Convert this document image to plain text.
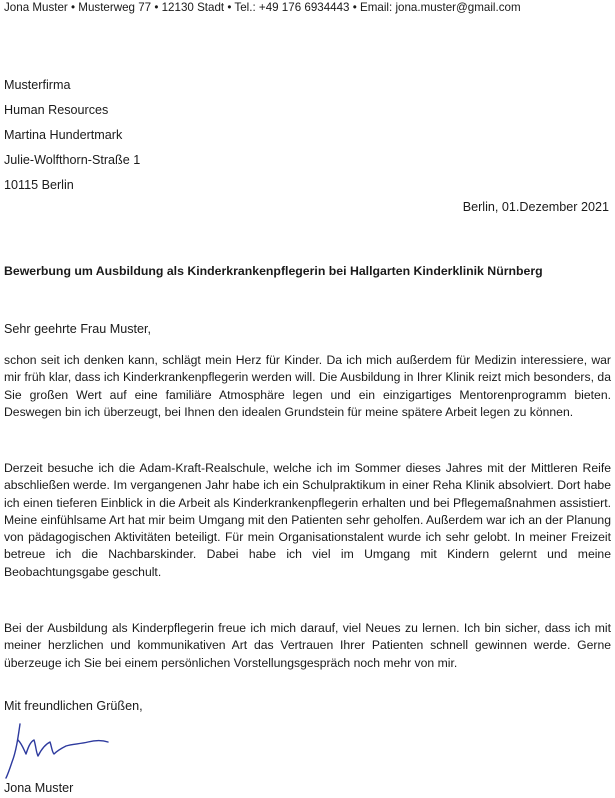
Jona Muster • Musterweg 77 • 12130 Stadt • Tel.: +49 176 6934443 • Email: jona.muster@gmail.com
Musterfirma
Human Resources
Martina Hundertmark
Julie-Wolfthorn-Straße 1
10115 Berlin
Berlin, 01.Dezember 2021
Bewerbung um Ausbildung als Kinderkrankenpflegerin bei Hallgarten Kinderklinik Nürnberg
Sehr geehrte Frau Muster,
schon seit ich denken kann, schlägt mein Herz für Kinder. Da ich mich außerdem für Medizin interessiere, war mir früh klar, dass ich Kinderkrankenpflegerin werden will. Die Ausbildung in Ihrer Klinik reizt mich besonders, da Sie großen Wert auf eine familiäre Atmosphäre legen und ein einzigartiges Mentorenprogramm bieten. Deswegen bin ich überzeugt, bei Ihnen den idealen Grundstein für meine spätere Arbeit legen zu können.
Derzeit besuche ich die Adam-Kraft-Realschule, welche ich im Sommer dieses Jahres mit der Mittleren Reife abschließen werde. Im vergangenen Jahr habe ich ein Schulpraktikum in einer Reha Klinik absolviert. Dort habe ich einen tieferen Einblick in die Arbeit als Kinderkrankenpflegerin erhalten und bei Pflegemaßnahmen assistiert. Meine einfühlsame Art hat mir beim Umgang mit den Patienten sehr geholfen. Außerdem war ich an der Planung von pädagogischen Aktivitäten beteiligt. Für mein Organisationstalent wurde ich sehr gelobt. In meiner Freizeit betreue ich die Nachbarskinder. Dabei habe ich viel im Umgang mit Kindern gelernt und meine Beobachtungsgabe geschult.
Bei der Ausbildung als Kinderpflegerin freue ich mich darauf, viel Neues zu lernen. Ich bin sicher, dass ich mit meiner herzlichen und kommunikativen Art das Vertrauen Ihrer Patienten schnell gewinnen werde. Gerne überzeuge ich Sie bei einem persönlichen Vorstellungsgespräch noch mehr von mir.
Mit freundlichen Grüßen,
Jona Muster
